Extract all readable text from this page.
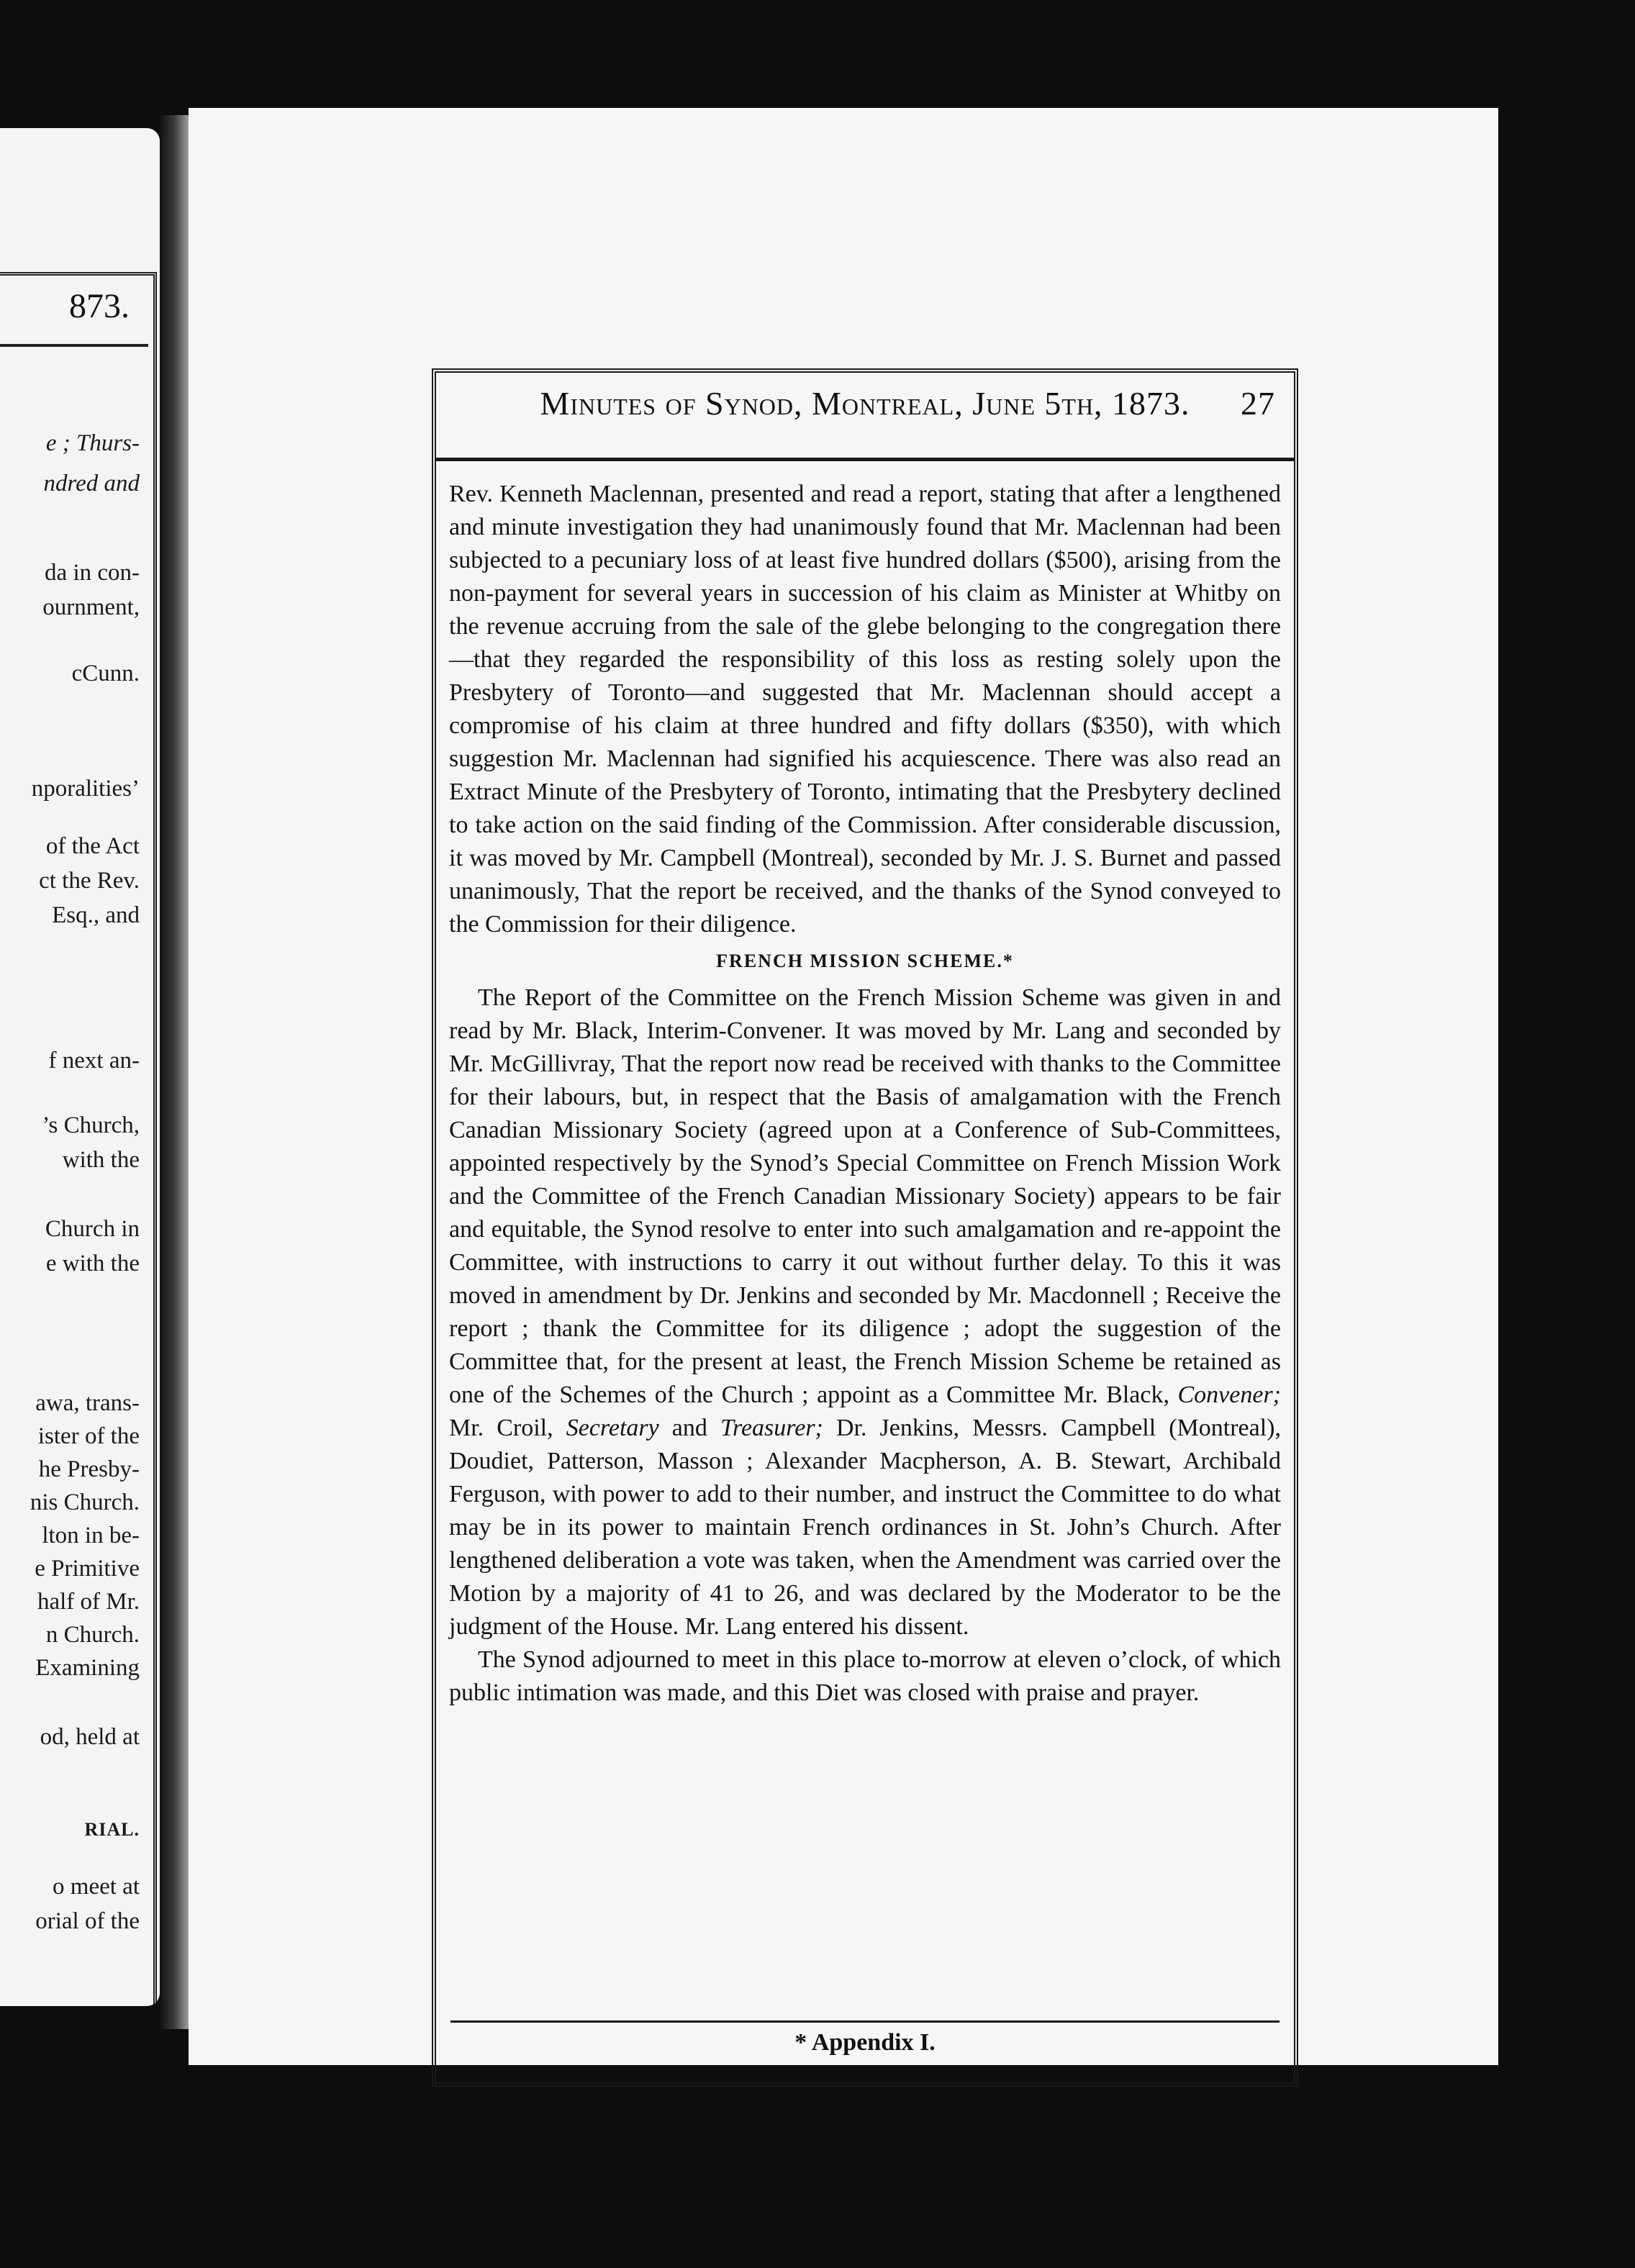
873.
e ; Thurs-
ndred and
da in con-
ournment,
cCunn.
nporalities’
of the Act
ct the Rev.
Esq., and
f next an-
’s Church,
with the
Church in
e with the
awa, trans-
ister of the
he Presby-
nis Church.
lton in be-
e Primitive
half of Mr.
n Church.
Examining
od, held at
RIAL.
o meet at
orial of the
Minutes of Synod, Montreal, June 5th, 1873. 27

Rev. Kenneth Maclennan, presented and read a report, stating that after a lengthened and minute investigation they had unanimously found that Mr. Maclennan had been subjected to a pecuniary loss of at least five hundred dollars ($500), arising from the non-payment for several years in succession of his claim as Minister at Whitby on the revenue accruing from the sale of the glebe belonging to the congregation there—that they regarded the responsibility of this loss as resting solely upon the Presbytery of Toronto—and suggested that Mr. Maclennan should accept a compromise of his claim at three hundred and fifty dollars ($350), with which suggestion Mr. Maclennan had signified his acquiescence. There was also read an Extract Minute of the Presbytery of Toronto, intimating that the Presbytery declined to take action on the said finding of the Commission. After considerable discussion, it was moved by Mr. Campbell (Montreal), seconded by Mr. J. S. Burnet and passed unanimously, That the report be received, and the thanks of the Synod conveyed to the Commission for their diligence.

FRENCH MISSION SCHEME.*

The Report of the Committee on the French Mission Scheme was given in and read by Mr. Black, Interim-Convener. It was moved by Mr. Lang and seconded by Mr. McGillivray, That the report now read be received with thanks to the Committee for their labours, but, in respect that the Basis of amalgamation with the French Canadian Missionary Society (agreed upon at a Conference of Sub-Committees, appointed respectively by the Synod’s Special Committee on French Mission Work and the Committee of the French Canadian Missionary Society) appears to be fair and equitable, the Synod resolve to enter into such amalgamation and re-appoint the Committee, with instructions to carry it out without further delay. To this it was moved in amendment by Dr. Jenkins and seconded by Mr. Macdonnell ; Receive the report ; thank the Committee for its diligence ; adopt the suggestion of the Committee that, for the present at least, the French Mission Scheme be retained as one of the Schemes of the Church ; appoint as a Committee Mr. Black, Convener; Mr. Croil, Secretary and Treasurer; Dr. Jenkins, Messrs. Campbell (Montreal), Doudiet, Patterson, Masson ; Alexander Macpherson, A. B. Stewart, Archibald Ferguson, with power to add to their number, and instruct the Committee to do what may be in its power to maintain French ordinances in St. John’s Church. After lengthened deliberation a vote was taken, when the Amendment was carried over the Motion by a majority of 41 to 26, and was declared by the Moderator to be the judgment of the House. Mr. Lang entered his dissent.

The Synod adjourned to meet in this place to-morrow at eleven o’clock, of which public intimation was made, and this Diet was closed with praise and prayer.

* Appendix I.
